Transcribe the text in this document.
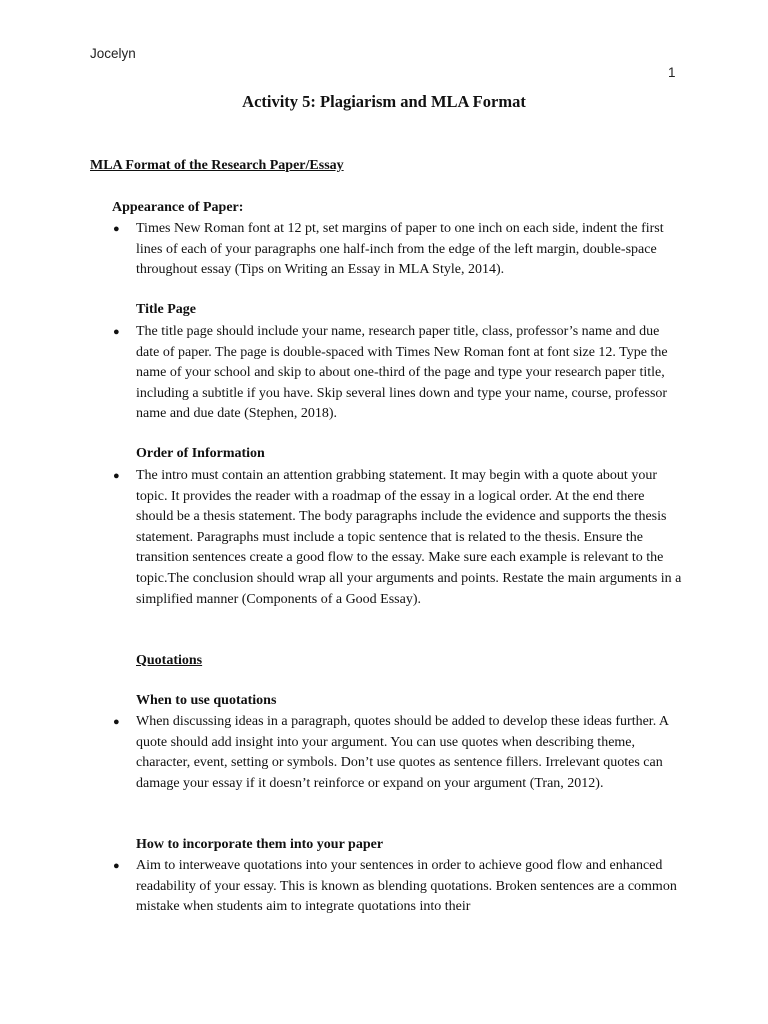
Jocelyn
1
Activity 5: Plagiarism and MLA Format
MLA Format of the Research Paper/Essay
Appearance of Paper:
● Times New Roman font at 12 pt, set margins of paper to one inch on each side, indent the first lines of each of your paragraphs one half-inch from the edge of the left margin, double-space throughout essay (Tips on Writing an Essay in MLA Style, 2014).
Title Page
● The title page should include your name, research paper title, class, professor’s name and due date of paper. The page is double-spaced with Times New Roman font at font size 12. Type the name of your school and skip to about one-third of the page and type your research paper title, including a subtitle if you have. Skip several lines down and type your name, course, professor name and due date (Stephen, 2018).
Order of Information
● The intro must contain an attention grabbing statement. It may begin with a quote about your topic. It provides the reader with a roadmap of the essay in a logical order. At the end there should be a thesis statement. The body paragraphs include the evidence and supports the thesis statement. Paragraphs must include a topic sentence that is related to the thesis. Ensure the transition sentences create a good flow to the essay. Make sure each example is relevant to the topic.The conclusion should wrap all your arguments and points. Restate the main arguments in a simplified manner (Components of a Good Essay).
Quotations
When to use quotations
● When discussing ideas in a paragraph, quotes should be added to develop these ideas further. A quote should add insight into your argument. You can use quotes when describing theme, character, event, setting or symbols. Don’t use quotes as sentence fillers. Irrelevant quotes can damage your essay if it doesn’t reinforce or expand on your argument (Tran, 2012).
How to incorporate them into your paper
● Aim to interweave quotations into your sentences in order to achieve good flow and enhanced readability of your essay. This is known as blending quotations. Broken sentences are a common mistake when students aim to integrate quotations into their
